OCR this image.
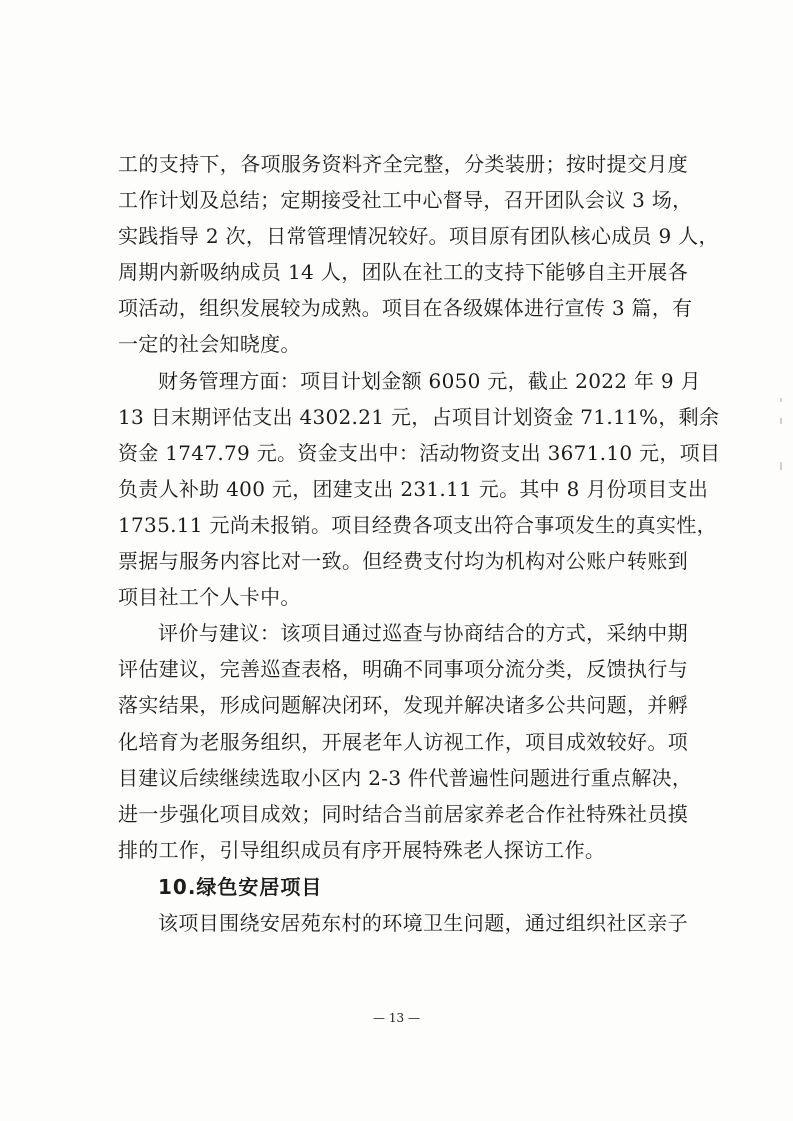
工的支持下，各项服务资料齐全完整，分类装册；按时提交月度
工作计划及总结；定期接受社工中心督导，召开团队会议 3 场，
实践指导 2 次，日常管理情况较好。项目原有团队核心成员 9 人，
周期内新吸纳成员 14 人，团队在社工的支持下能够自主开展各
项活动，组织发展较为成熟。项目在各级媒体进行宣传 3 篇，有
一定的社会知晓度。
财务管理方面：项目计划金额 6050 元，截止 2022 年 9 月
13 日末期评估支出 4302.21 元，占项目计划资金 71.11%，剩余
资金 1747.79 元。资金支出中：活动物资支出 3671.10 元，项目
负责人补助 400 元，团建支出 231.11 元。其中 8 月份项目支出
1735.11 元尚未报销。项目经费各项支出符合事项发生的真实性，
票据与服务内容比对一致。但经费支付均为机构对公账户转账到
项目社工个人卡中。
评价与建议：该项目通过巡查与协商结合的方式，采纳中期
评估建议，完善巡查表格，明确不同事项分流分类，反馈执行与
落实结果，形成问题解决闭环，发现并解决诸多公共问题，并孵
化培育为老服务组织，开展老年人访视工作，项目成效较好。项
目建议后续继续选取小区内 2-3 件代普遍性问题进行重点解决，
进一步强化项目成效；同时结合当前居家养老合作社特殊社员摸
排的工作，引导组织成员有序开展特殊老人探访工作。
10.绿色安居项目
该项目围绕安居苑东村的环境卫生问题，通过组织社区亲子
— 13 —
